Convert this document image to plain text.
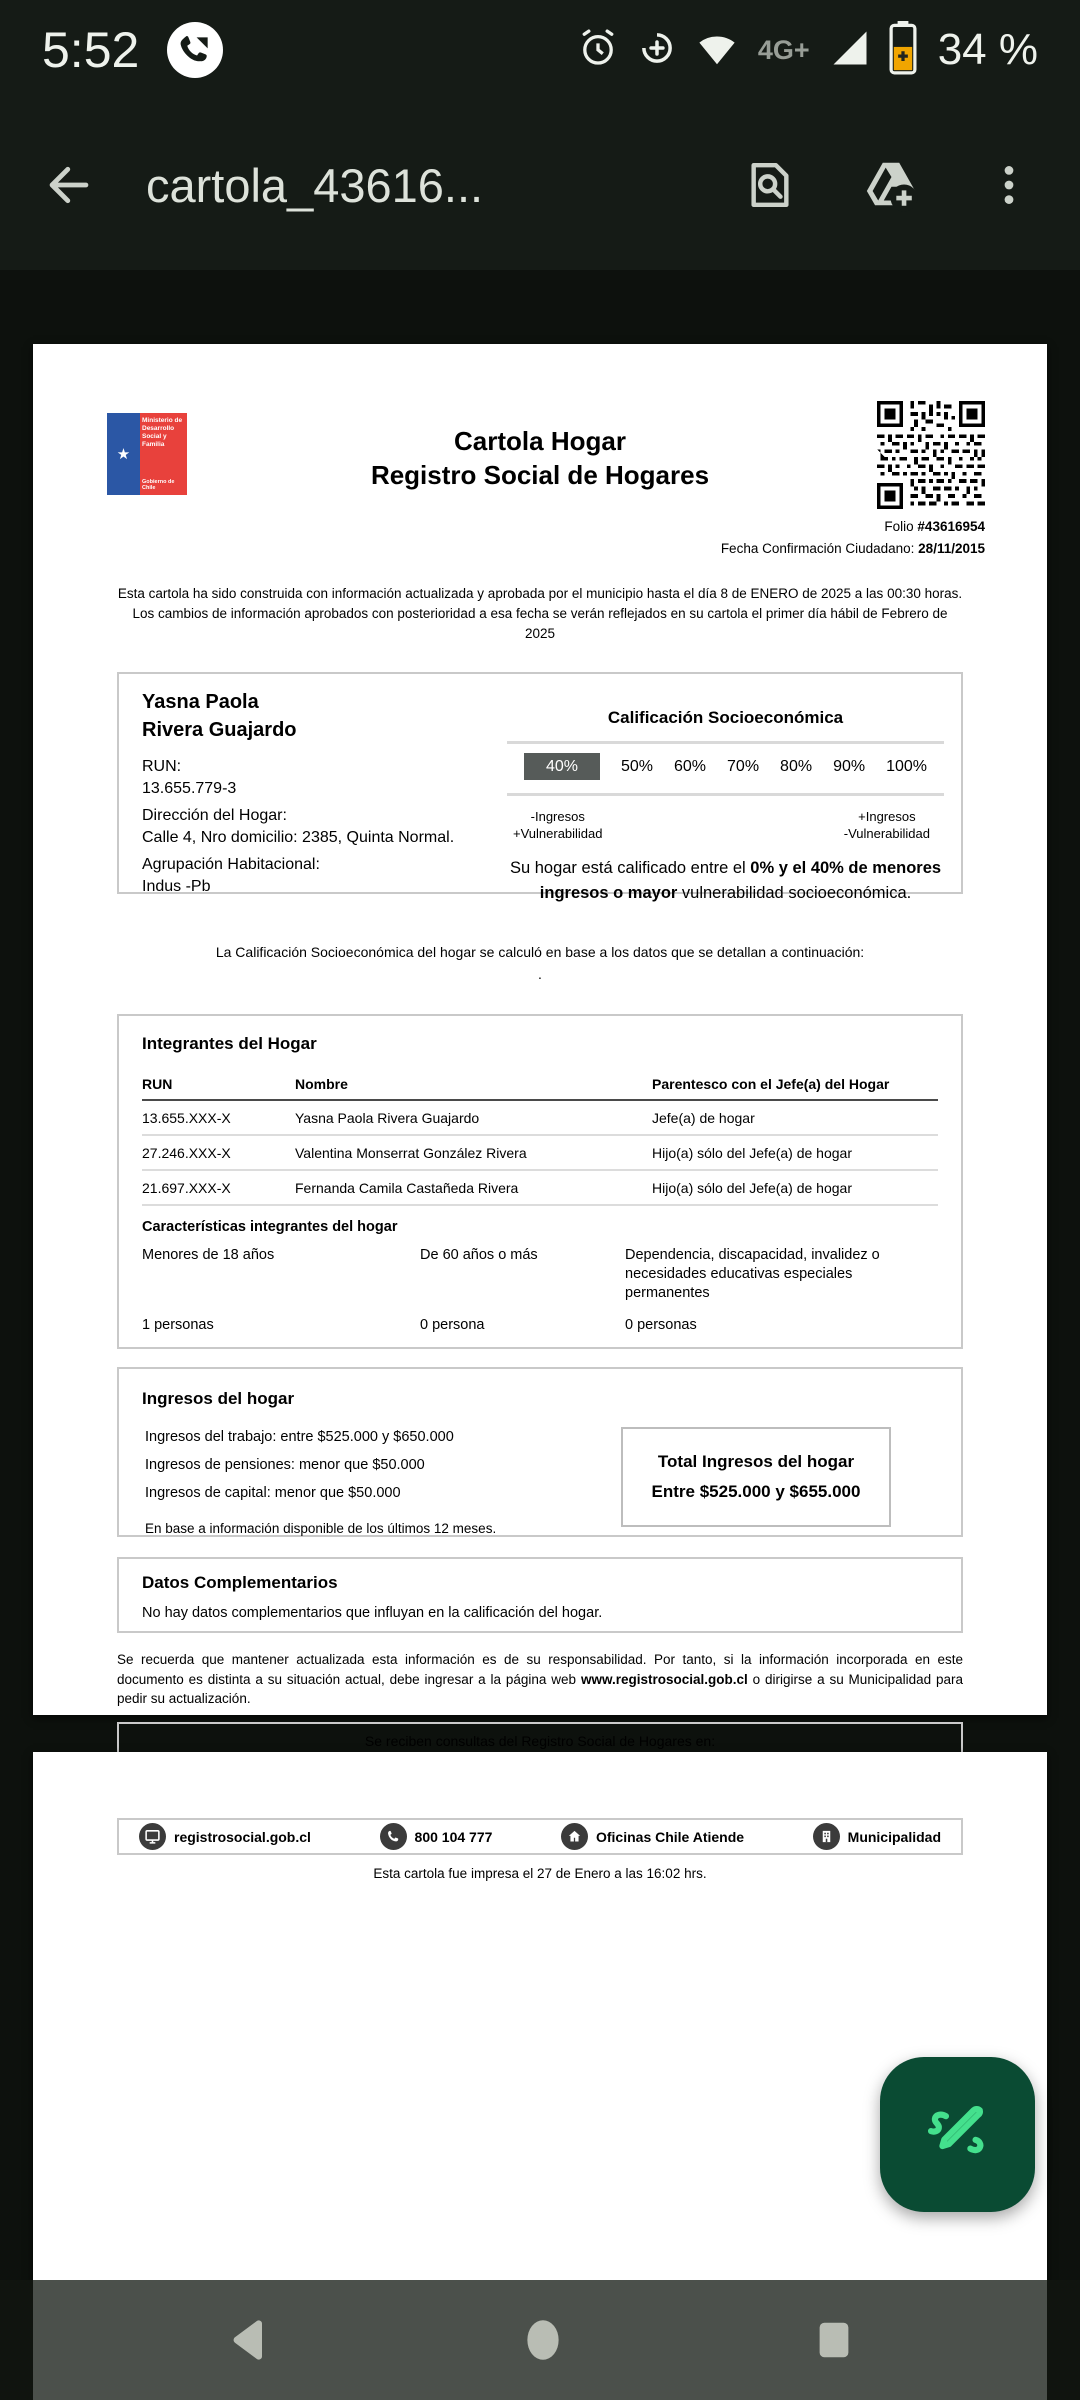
5:52	4G+	34 %
cartola_43616...
★
Ministerio de Desarrollo Social y Familia
Gobierno de Chile
Cartola Hogar
Registro Social de Hogares
Folio #43616954
Fecha Confirmación Ciudadano: 28/11/2015

Esta cartola ha sido construida con información actualizada y aprobada por el municipio hasta el día 8 de ENERO de 2025 a las 00:30 horas. Los cambios de información aprobados con posterioridad a esa fecha se verán reflejados en su cartola el primer día hábil de Febrero de 2025

Yasna Paola
Rivera Guajardo
RUN:
13.655.779-3
Dirección del Hogar:
Calle 4, Nro domicilio: 2385, Quinta Normal.
Agrupación Habitacional:
Indus -Pb
Calificación Socioeconómica
40%	50% 60% 70% 80% 90% 100%
-Ingresos
+Vulnerabilidad
+Ingresos
-Vulnerabilidad
Su hogar está calificado entre el 0% y el 40% de menores ingresos o mayor vulnerabilidad socioeconómica.
La Calificación Socioeconómica del hogar se calculó en base a los datos que se detallan a continuación:
.
Integrantes del Hogar
RUN	Nombre	Parentesco con el Jefe(a) del Hogar
13.655.XXX-X	Yasna Paola Rivera Guajardo	Jefe(a) de hogar
27.246.XXX-X	Valentina Monserrat González Rivera	Hijo(a) sólo del Jefe(a) de hogar
21.697.XXX-X	Fernanda Camila Castañeda Rivera	Hijo(a) sólo del Jefe(a) de hogar
Características integrantes del hogar
Menores de 18 años	De 60 años o más	Dependencia, discapacidad, invalidez o necesidades educativas especiales permanentes
1 personas	0 persona	0 personas
Ingresos del hogar
Ingresos del trabajo: entre $525.000 y $650.000
Ingresos de pensiones: menor que $50.000
Ingresos de capital: menor que $50.000
En base a información disponible de los últimos 12 meses.
Total Ingresos del hogar
Entre $525.000 y $655.000
Datos Complementarios
No hay datos complementarios que influyan en la calificación del hogar.

Se recuerda que mantener actualizada esta información es de su responsabilidad. Por tanto, si la información incorporada en este documento es distinta a su situación actual, debe ingresar a la página web www.registrosocial.gob.cl o dirigirse a su Municipalidad para pedir su actualización.

Se reciben consultas del Registro Social de Hogares en:
registrosocial.gob.cl	800 104 777	Oficinas Chile Atiende	Municipalidad
Esta cartola fue impresa el 27 de Enero a las 16:02 hrs.
